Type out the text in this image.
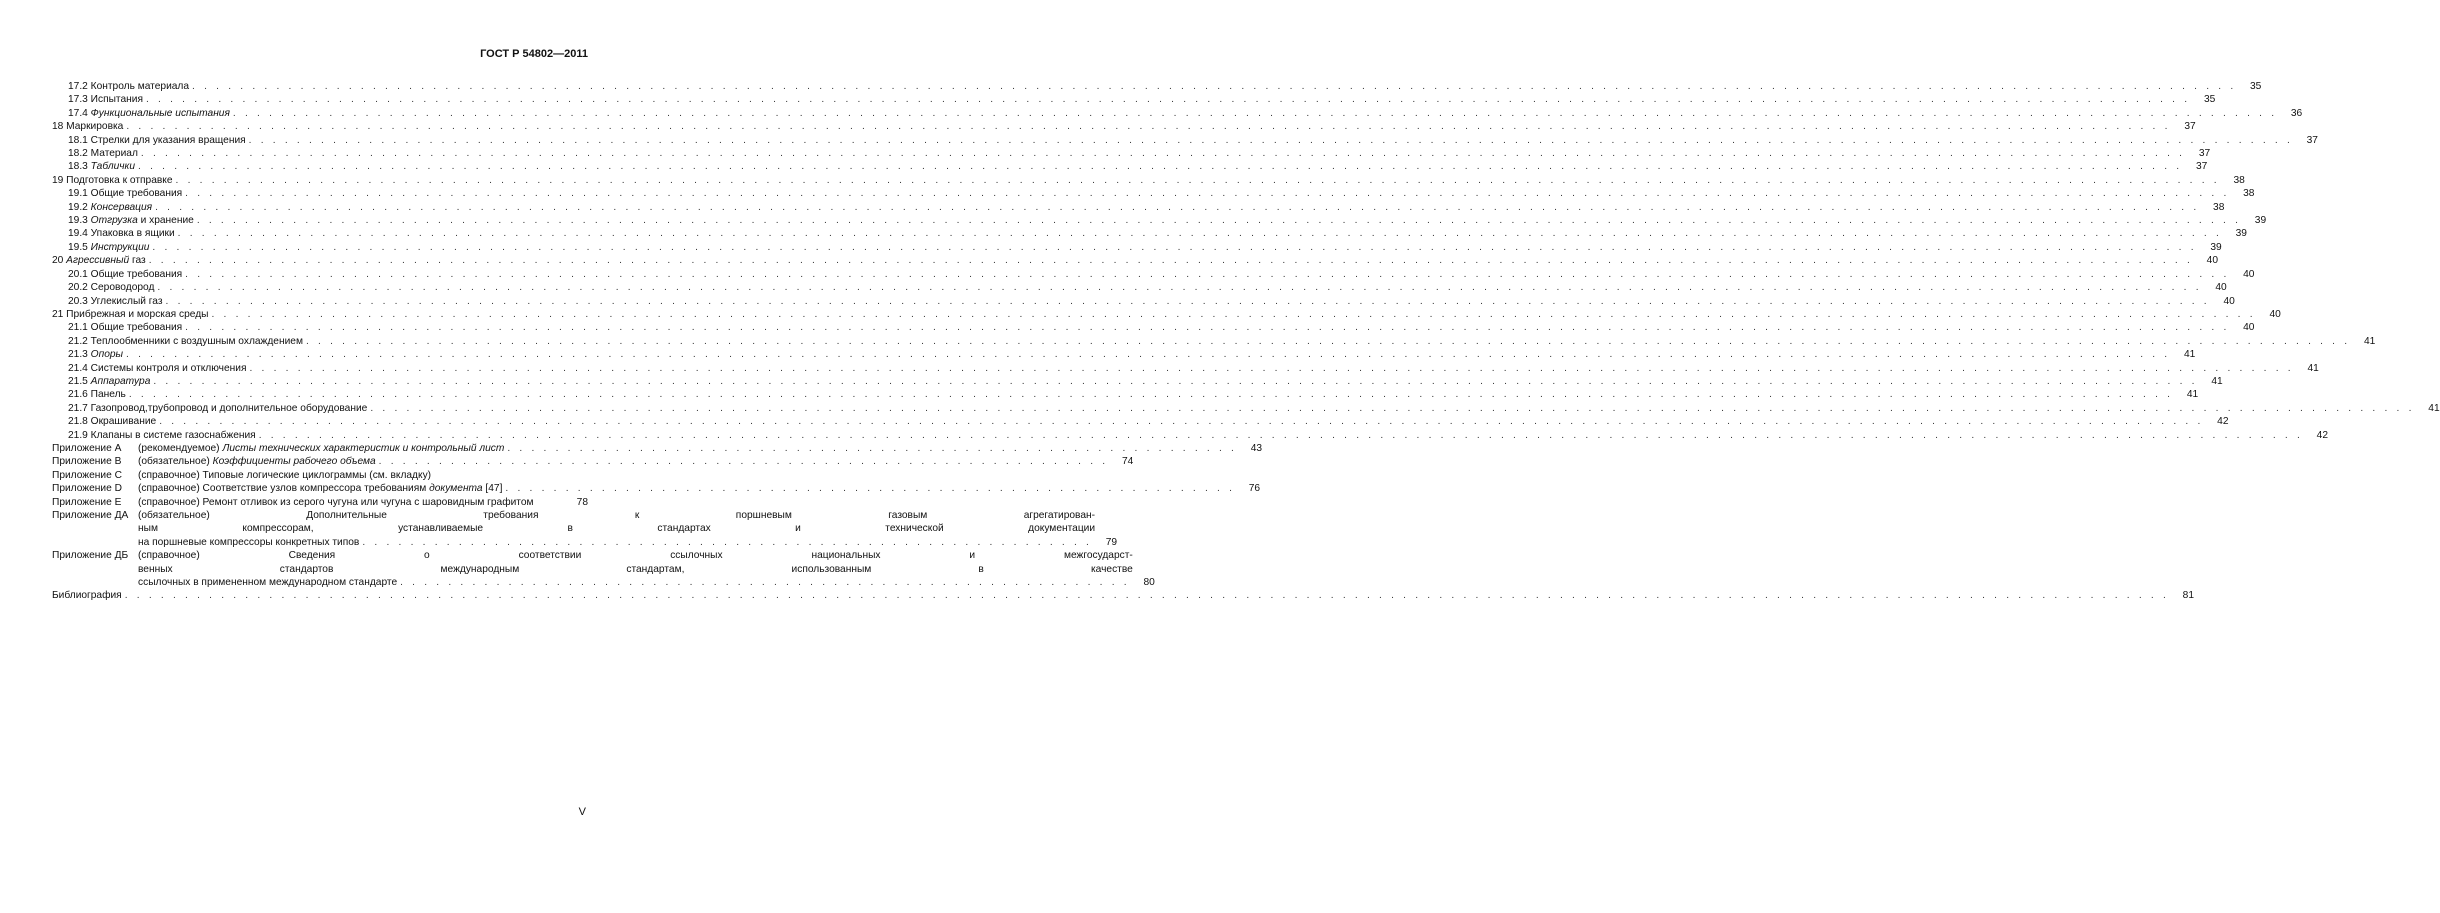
ГОСТ Р 54802—2011
17.2 Контроль материала . . .	35
17.3 Испытания . . .	35
17.4 Функциональные испытания . . .	36
18 Маркировка . . .	37
18.1 Стрелки для указания вращения . . .	37
18.2 Материал . . .	37
18.3 Таблички . . .	37
19 Подготовка к отправке . . .	38
19.1 Общие требования . . .	38
19.2 Консервация . . .	38
19.3 Отгрузка и хранение . . .	39
19.4 Упаковка в ящики . . .	39
19.5 Инструкции . . .	39
20 Агрессивный газ . . .	40
20.1 Общие требования . . .	40
20.2 Сероводород . . .	40
20.3 Углекислый газ . . .	40
21 Прибрежная и морская среды . . .	40
21.1 Общие требования . . .	40
21.2 Теплообменники с воздушным охлаждением . . .	41
21.3 Опоры . . .	41
21.4 Системы контроля и отключения . . .	41
21.5 Аппаратура . . .	41
21.6 Панель . . .	41
21.7 Газопровод,трубопровод и дополнительное оборудование . . .	41
21.8 Окрашивание . . .	42
21.9 Клапаны в системе газоснабжения . . .	42
Приложение А	(рекомендуемое) Листы технических характеристик и контрольный лист . . .	43
Приложение В	(обязательное) Коэффициенты рабочего объема . . .	74
Приложение С	(справочное) Типовые логические циклограммы (см. вкладку)
Приложение D	(справочное) Соответствие узлов компрессора требованиям документа [47] . . .	76
Приложение Е	(справочное) Ремонт отливок из серого чугуна или чугуна с шаровидным графитом	78
Приложение ДА (обязательное) Дополнительные требования к поршневым газовым агрегатирован-
ным компрессорам, устанавливаемые в стандартах и технической документации
на поршневые компрессоры конкретных типов . . .	79
Приложение ДБ (справочное) Сведения о соответствии ссылочных национальных и межгосударст-
венных стандартов международным стандартам, использованным в качестве
ссылочных в примененном международном стандарте . . .	80
Библиография . . .	81
V
